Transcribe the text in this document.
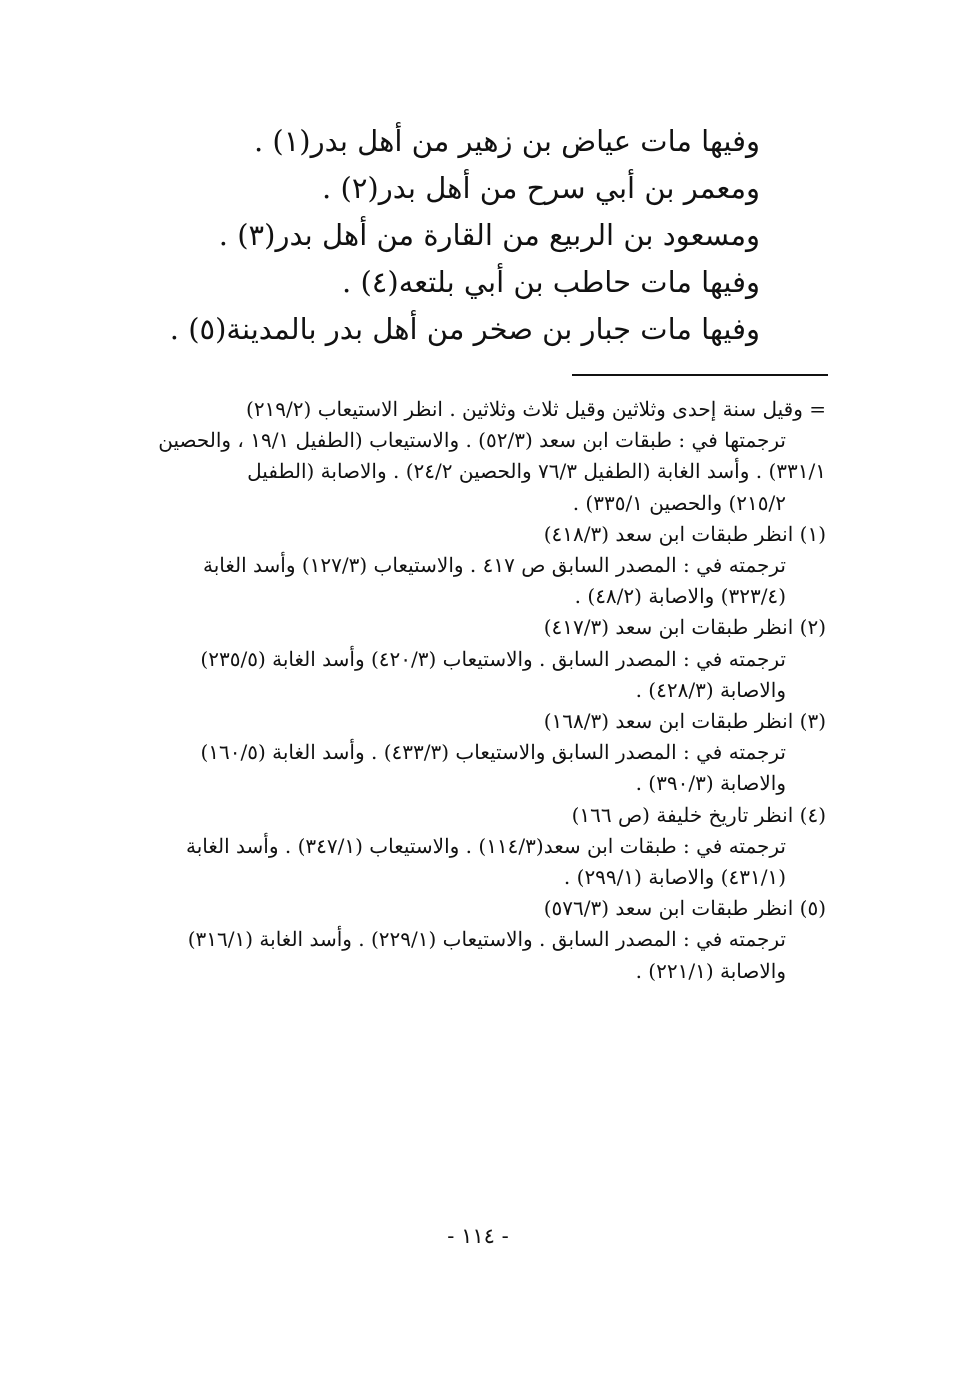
وفيها مات عياض بن زهير من أهل بدر(١) .
ومعمر بن أبي سرح من أهل بدر(٢) .
ومسعود بن الربيع من القارة من أهل بدر(٣) .
وفيها مات حاطب بن أبي بلتعه(٤) .
وفيها مات جبار بن صخر من أهل بدر بالمدينة(٥) .
= وقيل سنة إحدى وثلاثين وقيل ثلاث وثلاثين . انظر الاستيعاب (٢١٩/٢)
ترجمتها في : طبقات ابن سعد (٥٢/٣) . والاستيعاب (الطفيل ١٩/١ ، والحصين
٣٣١/١) . وأسد الغابة (الطفيل ٧٦/٣ والحصين ٢٤/٢) . والاصابة (الطفيل
٢١٥/٢) والحصين ٣٣٥/١) .
(١) انظر طبقات ابن سعد (٤١٨/٣)
ترجمته في : المصدر السابق ص ٤١٧ . والاستيعاب (١٢٧/٣) وأسد الغابة
(٣٢٣/٤) والاصابة (٤٨/٢) .
(٢) انظر طبقات ابن سعد (٤١٧/٣)
ترجمته في : المصدر السابق . والاستيعاب (٤٢٠/٣) وأسد الغابة (٢٣٥/٥)
والاصابة (٤٢٨/٣) .
(٣) انظر طبقات ابن سعد (١٦٨/٣)
ترجمته في : المصدر السابق والاستيعاب (٤٣٣/٣) . وأسد الغابة (١٦٠/٥)
والاصابة (٣٩٠/٣) .
(٤) انظر تاريخ خليفة (ص ١٦٦)
ترجمته في : طبقات ابن سعد(١١٤/٣) . والاستيعاب (٣٤٧/١) . وأسد الغابة
(٤٣١/١) والاصابة (٢٩٩/١) .
(٥) انظر طبقات ابن سعد (٥٧٦/٣)
ترجمته في : المصدر السابق . والاستيعاب (٢٢٩/١) . وأسد الغابة (٣١٦/١)
والاصابة (٢٢١/١) .
- ١١٤ -
